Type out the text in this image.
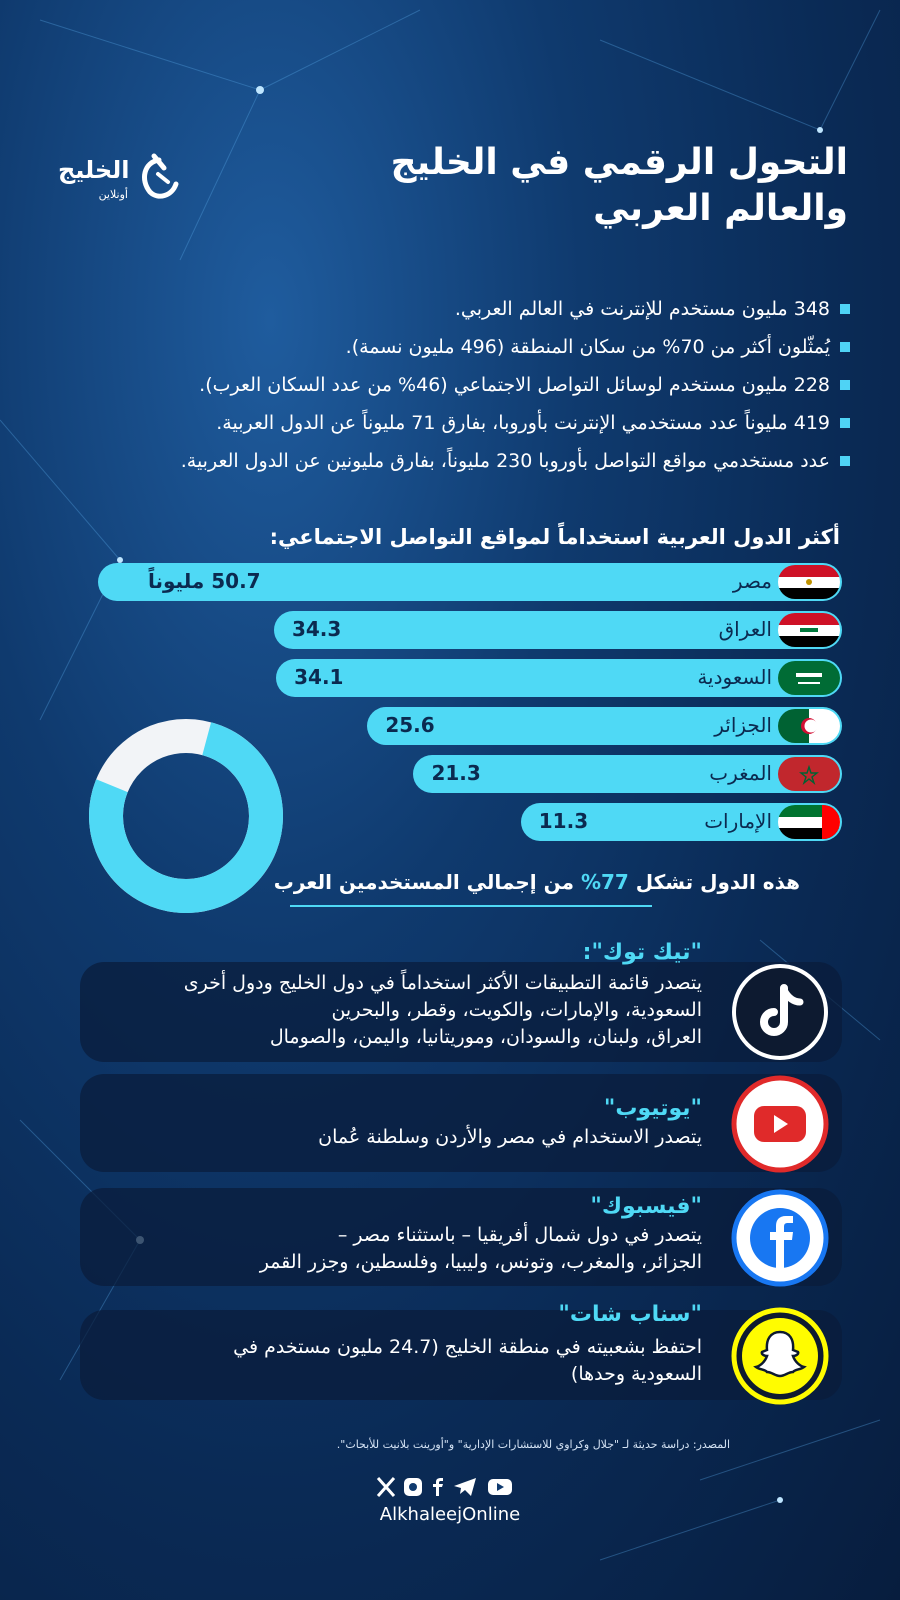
الخليج
أونلاين
التحول الرقمي في الخليج
والعالم العربي
348 مليون مستخدم للإنترنت في العالم العربي.
يُمثّلون أكثر من 70% من سكان المنطقة (496 مليون نسمة).
228 مليون مستخدم لوسائل التواصل الاجتماعي (46% من عدد السكان العرب).
419 مليوناً عدد مستخدمي الإنترنت بأوروبا، بفارق 71 مليوناً عن الدول العربية.
عدد مستخدمي مواقع التواصل بأوروبا 230 مليوناً، بفارق مليونين عن الدول العربية.
أكثر الدول العربية استخداماً لمواقع التواصل الاجتماعي:
مصر
50.7 مليوناً
العراق
34.3
السعودية
34.1
الجزائر
25.6
المغرب
21.3
الإمارات
11.3
هذه الدول تشكل 77% من إجمالي المستخدمين العرب
"تيك توك":
يتصدر قائمة التطبيقات الأكثر استخداماً في دول الخليج ودول أخرى
السعودية، والإمارات، والكويت، وقطر، والبحرين
العراق، ولبنان، والسودان، وموريتانيا، واليمن، والصومال
"يوتيوب"
يتصدر الاستخدام في مصر والأردن وسلطنة عُمان
"فيسبوك"
يتصدر في دول شمال أفريقيا – باستثناء مصر –
الجزائر، والمغرب، وتونس، وليبيا، وفلسطين، وجزر القمر
"سناب شات"
احتفظ بشعبيته في منطقة الخليج (24.7 مليون مستخدم في
السعودية وحدها)
المصدر: دراسة حديثة لـ "جلال وكراوي للاستشارات الإدارية" و"أورينت بلانيت للأبحاث".
AlkhaleejOnline
